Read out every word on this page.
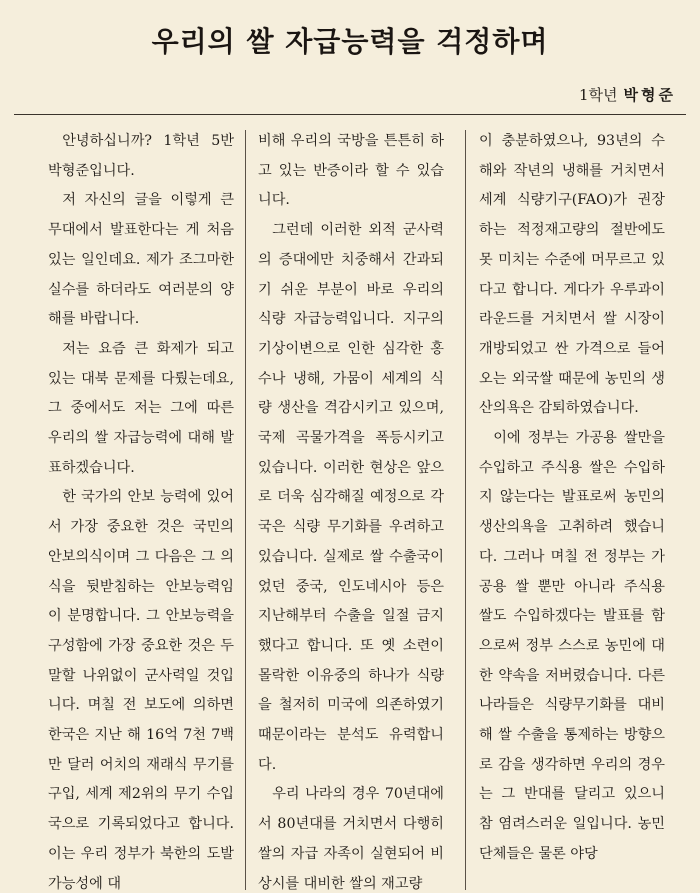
우리의 쌀 자급능력을 걱정하며
1학년 박형준

안녕하십니까? 1학년 5반 박형준입니다.

저 자신의 글을 이렇게 큰 무대에서 발표한다는 게 처음 있는 일인데요. 제가 조그마한 실수를 하더라도 여러분의 양해를 바랍니다.

저는 요즘 큰 화제가 되고 있는 대북 문제를 다뤘는데요, 그 중에서도 저는 그에 따른 우리의 쌀 자급능력에 대해 발표하겠습니다.

한 국가의 안보 능력에 있어서 가장 중요한 것은 국민의 안보의식이며 그 다음은 그 의식을 뒷받침하는 안보능력임이 분명합니다. 그 안보능력을 구성함에 가장 중요한 것은 두말할 나위없이 군사력일 것입니다. 며칠 전 보도에 의하면 한국은 지난 해 16억 7천 7백만 달러 어치의 재래식 무기를 구입, 세계 제2위의 무기 수입국으로 기록되었다고 합니다. 이는 우리 정부가 북한의 도발 가능성에 대

비해 우리의 국방을 튼튼히 하고 있는 반증이라 할 수 있습니다.

그런데 이러한 외적 군사력의 증대에만 치중해서 간과되기 쉬운 부분이 바로 우리의 식량 자급능력입니다. 지구의 기상이변으로 인한 심각한 홍수나 냉해, 가뭄이 세계의 식량 생산을 격감시키고 있으며, 국제 곡물가격을 폭등시키고 있습니다. 이러한 현상은 앞으로 더욱 심각해질 예정으로 각국은 식량 무기화를 우려하고 있습니다. 실제로 쌀 수출국이었던 중국, 인도네시아 등은 지난해부터 수출을 일절 금지했다고 합니다. 또 옛 소련이 몰락한 이유중의 하나가 식량을 철저히 미국에 의존하였기 때문이라는 분석도 유력합니다.

우리 나라의 경우 70년대에서 80년대를 거치면서 다행히 쌀의 자급 자족이 실현되어 비상시를 대비한 쌀의 재고량

이 충분하였으나, 93년의 수해와 작년의 냉해를 거치면서 세계 식량기구(FAO)가 권장하는 적정재고량의 절반에도 못 미치는 수준에 머무르고 있다고 합니다. 게다가 우루과이라운드를 거치면서 쌀 시장이 개방되었고 싼 가격으로 들어오는 외국쌀 때문에 농민의 생산의욕은 감퇴하였습니다.

이에 정부는 가공용 쌀만을 수입하고 주식용 쌀은 수입하지 않는다는 발표로써 농민의 생산의욕을 고취하려 했습니다. 그러나 며칠 전 정부는 가공용 쌀 뿐만 아니라 주식용 쌀도 수입하겠다는 발표를 함으로써 정부 스스로 농민에 대한 약속을 저버렸습니다. 다른 나라들은 식량무기화를 대비해 쌀 수출을 통제하는 방향으로 감을 생각하면 우리의 경우는 그 반대를 달리고 있으니 참 염려스러운 일입니다. 농민 단체들은 물론 야당
